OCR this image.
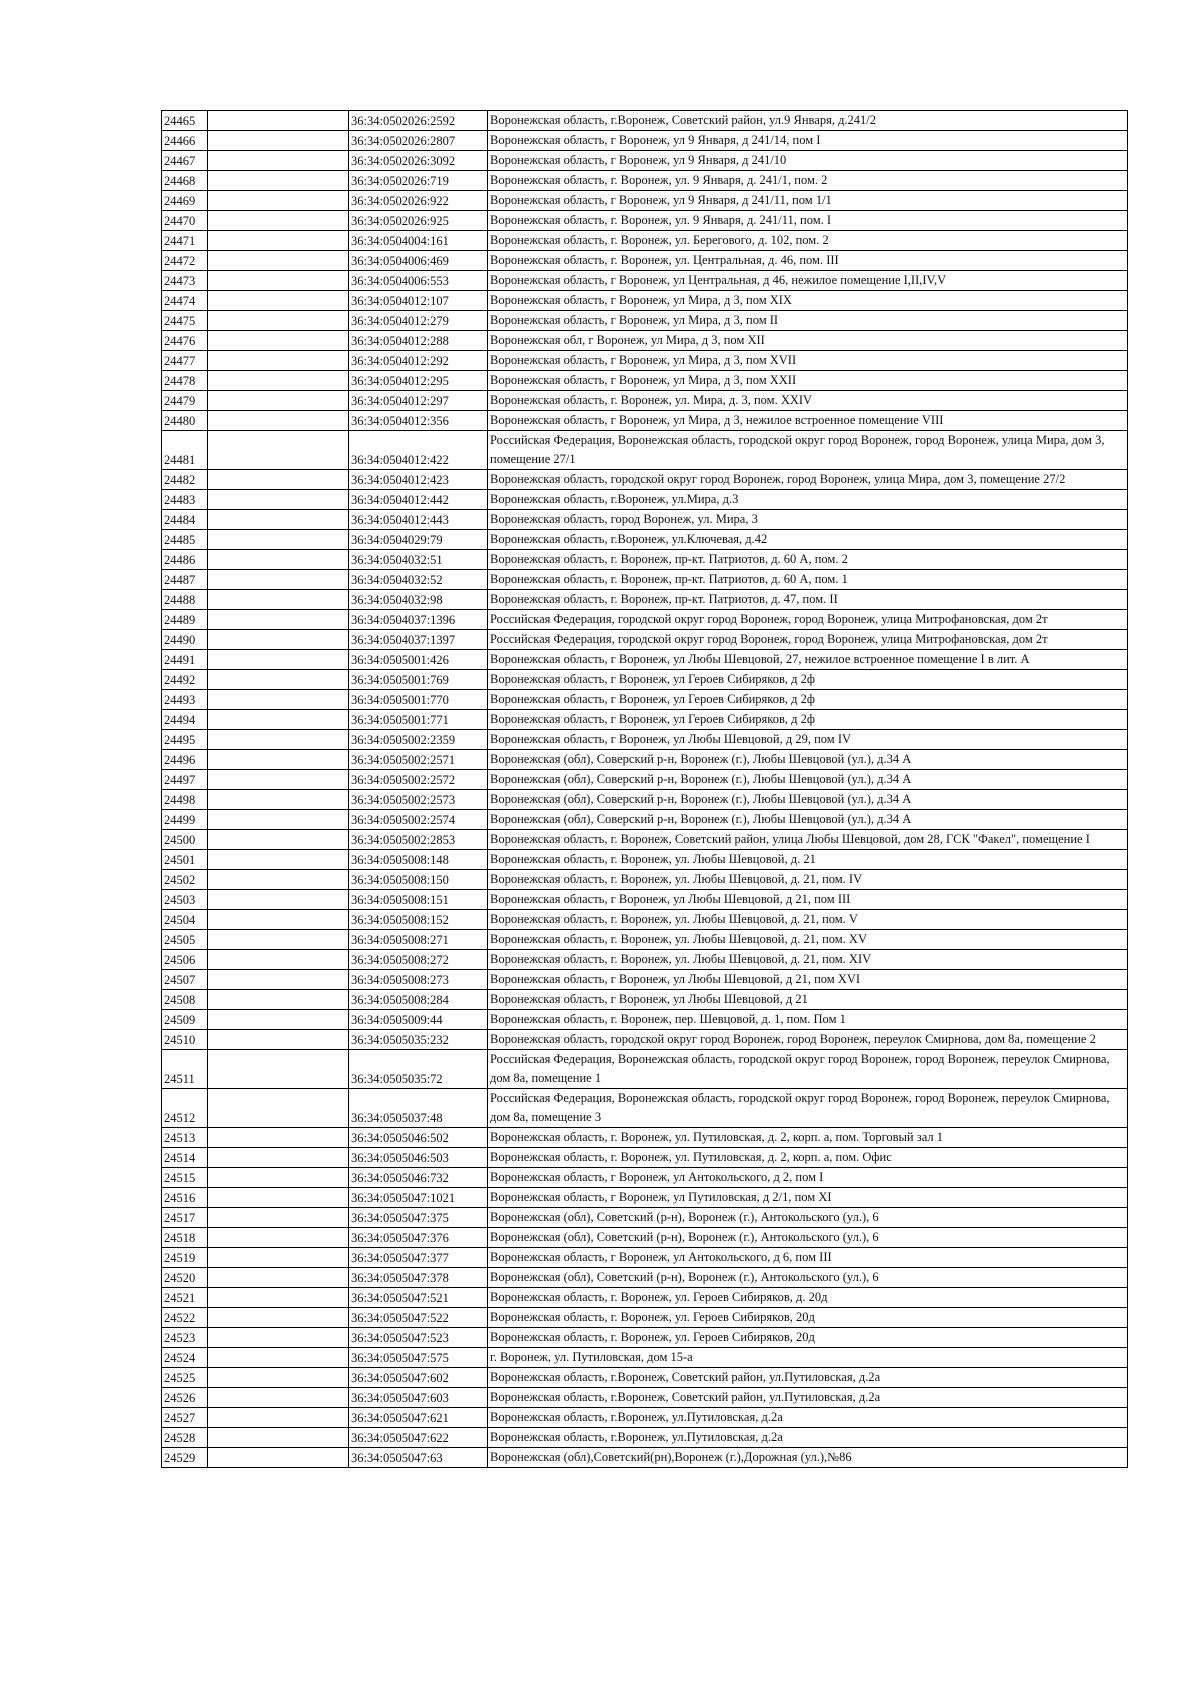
24465		36:34:0502026:2592	Воронежская область, г.Воронеж, Советский район, ул.9 Января, д.241/2
24466		36:34:0502026:2807	Воронежская область, г Воронеж, ул 9 Января, д 241/14, пом I
24467		36:34:0502026:3092	Воронежская область, г Воронеж, ул 9 Января, д 241/10
24468		36:34:0502026:719	Воронежская область, г. Воронеж, ул. 9 Января, д. 241/1, пом. 2
24469		36:34:0502026:922	Воронежская область, г Воронеж, ул 9 Января, д 241/11, пом 1/1
24470		36:34:0502026:925	Воронежская область, г. Воронеж, ул. 9 Января, д. 241/11, пом. I
24471		36:34:0504004:161	Воронежская область, г. Воронеж, ул. Берегового, д. 102, пом. 2
24472		36:34:0504006:469	Воронежская область, г. Воронеж, ул. Центральная, д. 46, пом. III
24473		36:34:0504006:553	Воронежская область, г Воронеж, ул Центральная, д 46, нежилое помещение I,II,IV,V
24474		36:34:0504012:107	Воронежская область, г Воронеж, ул Мира, д 3, пом XIX
24475		36:34:0504012:279	Воронежская область, г Воронеж, ул Мира, д 3, пом II
24476		36:34:0504012:288	Воронежская обл, г Воронеж, ул Мира, д 3, пом XII
24477		36:34:0504012:292	Воронежская область, г Воронеж, ул Мира, д 3, пом XVII
24478		36:34:0504012:295	Воронежская область, г Воронеж, ул Мира, д 3, пом XXII
24479		36:34:0504012:297	Воронежская область, г. Воронеж, ул. Мира, д. 3, пом. XXIV
24480		36:34:0504012:356	Воронежская область, г Воронеж, ул Мира, д 3, нежилое встроенное помещение VIII
24481		36:34:0504012:422	Российская Федерация, Воронежская область, городской округ город Воронеж, город Воронеж, улица Мира, дом 3, помещение 27/1
24482		36:34:0504012:423	Воронежская область, городской округ город Воронеж, город Воронеж, улица Мира, дом 3, помещение 27/2
24483		36:34:0504012:442	Воронежская область, г.Воронеж, ул.Мира, д.3
24484		36:34:0504012:443	Воронежская область, город Воронеж, ул. Мира, 3
24485		36:34:0504029:79	Воронежская область, г.Воронеж, ул.Ключевая, д.42
24486		36:34:0504032:51	Воронежская область, г. Воронеж, пр-кт. Патриотов, д. 60 А, пом. 2
24487		36:34:0504032:52	Воронежская область, г. Воронеж, пр-кт. Патриотов, д. 60 А, пом. 1
24488		36:34:0504032:98	Воронежская область, г. Воронеж, пр-кт. Патриотов, д. 47, пом. II
24489		36:34:0504037:1396	Российская Федерация, городской округ город Воронеж, город Воронеж, улица Митрофановская, дом 2т
24490		36:34:0504037:1397	Российская Федерация, городской округ город Воронеж, город Воронеж, улица Митрофановская, дом 2т
24491		36:34:0505001:426	Воронежская область, г Воронеж, ул Любы Шевцовой, 27, нежилое встроенное помещение I в лит. А
24492		36:34:0505001:769	Воронежская область, г Воронеж, ул Героев Сибиряков, д 2ф
24493		36:34:0505001:770	Воронежская область, г Воронеж, ул Героев Сибиряков, д 2ф
24494		36:34:0505001:771	Воронежская область, г Воронеж, ул Героев Сибиряков, д 2ф
24495		36:34:0505002:2359	Воронежская область, г Воронеж, ул Любы Шевцовой, д 29, пом IV
24496		36:34:0505002:2571	Воронежская (обл), Соверский р-н, Воронеж (г.), Любы Шевцовой (ул.), д.34 А
24497		36:34:0505002:2572	Воронежская (обл), Соверский р-н, Воронеж (г.), Любы Шевцовой (ул.), д.34 А
24498		36:34:0505002:2573	Воронежская (обл), Соверский р-н, Воронеж (г.), Любы Шевцовой (ул.), д.34 А
24499		36:34:0505002:2574	Воронежская (обл), Соверский р-н, Воронеж (г.), Любы Шевцовой (ул.), д.34 А
24500		36:34:0505002:2853	Воронежская область, г. Воронеж, Советский район, улица Любы Шевцовой, дом 28, ГСК "Факел", помещение I
24501		36:34:0505008:148	Воронежская область, г. Воронеж, ул. Любы Шевцовой, д. 21
24502		36:34:0505008:150	Воронежская область, г. Воронеж, ул. Любы Шевцовой, д. 21, пом. IV
24503		36:34:0505008:151	Воронежская область, г Воронеж, ул Любы Шевцовой, д 21, пом III
24504		36:34:0505008:152	Воронежская область, г. Воронеж, ул. Любы Шевцовой, д. 21, пом. V
24505		36:34:0505008:271	Воронежская область, г. Воронеж, ул. Любы Шевцовой, д. 21, пом. XV
24506		36:34:0505008:272	Воронежская область, г. Воронеж, ул. Любы Шевцовой, д. 21, пом. XIV
24507		36:34:0505008:273	Воронежская область, г Воронеж, ул Любы Шевцовой, д 21, пом XVI
24508		36:34:0505008:284	Воронежская область, г Воронеж, ул Любы Шевцовой, д 21
24509		36:34:0505009:44	Воронежская область, г. Воронеж, пер. Шевцовой, д. 1, пом. Пом 1
24510		36:34:0505035:232	Воронежская область, городской округ город Воронеж, город Воронеж, переулок Смирнова, дом 8а, помещение 2
24511		36:34:0505035:72	Российская Федерация, Воронежская область, городской округ город Воронеж, город Воронеж, переулок Смирнова, дом 8а, помещение 1
24512		36:34:0505037:48	Российская Федерация, Воронежская область, городской округ город Воронеж, город Воронеж, переулок Смирнова, дом 8а, помещение 3
24513		36:34:0505046:502	Воронежская область, г. Воронеж, ул. Путиловская, д. 2, корп. а, пом. Торговый зал 1
24514		36:34:0505046:503	Воронежская область, г. Воронеж, ул. Путиловская, д. 2, корп. а, пом. Офис
24515		36:34:0505046:732	Воронежская область, г Воронеж, ул Антокольского, д 2, пом I
24516		36:34:0505047:1021	Воронежская область, г Воронеж, ул Путиловская, д 2/1, пом XI
24517		36:34:0505047:375	Воронежская (обл), Советский (р-н), Воронеж (г.), Антокольского (ул.), 6
24518		36:34:0505047:376	Воронежская (обл), Советский (р-н), Воронеж (г.), Антокольского (ул.), 6
24519		36:34:0505047:377	Воронежская область, г Воронеж, ул Антокольского, д 6, пом III
24520		36:34:0505047:378	Воронежская (обл), Советский (р-н), Воронеж (г.), Антокольского (ул.), 6
24521		36:34:0505047:521	Воронежская область, г. Воронеж, ул. Героев Сибиряков, д. 20д
24522		36:34:0505047:522	Воронежская область, г. Воронеж, ул. Героев Сибиряков, 20д
24523		36:34:0505047:523	Воронежская область, г. Воронеж, ул. Героев Сибиряков, 20д
24524		36:34:0505047:575	г. Воронеж, ул. Путиловская, дом 15-а
24525		36:34:0505047:602	Воронежская область, г.Воронеж, Советский район, ул.Путиловская, д.2а
24526		36:34:0505047:603	Воронежская область, г.Воронеж, Советский район, ул.Путиловская, д.2а
24527		36:34:0505047:621	Воронежская область, г.Воронеж, ул.Путиловская, д.2а
24528		36:34:0505047:622	Воронежская область, г.Воронеж, ул.Путиловская, д.2а
24529		36:34:0505047:63	Воронежская (обл),Советский(рн),Воронеж (г.),Дорожная (ул.),№86
